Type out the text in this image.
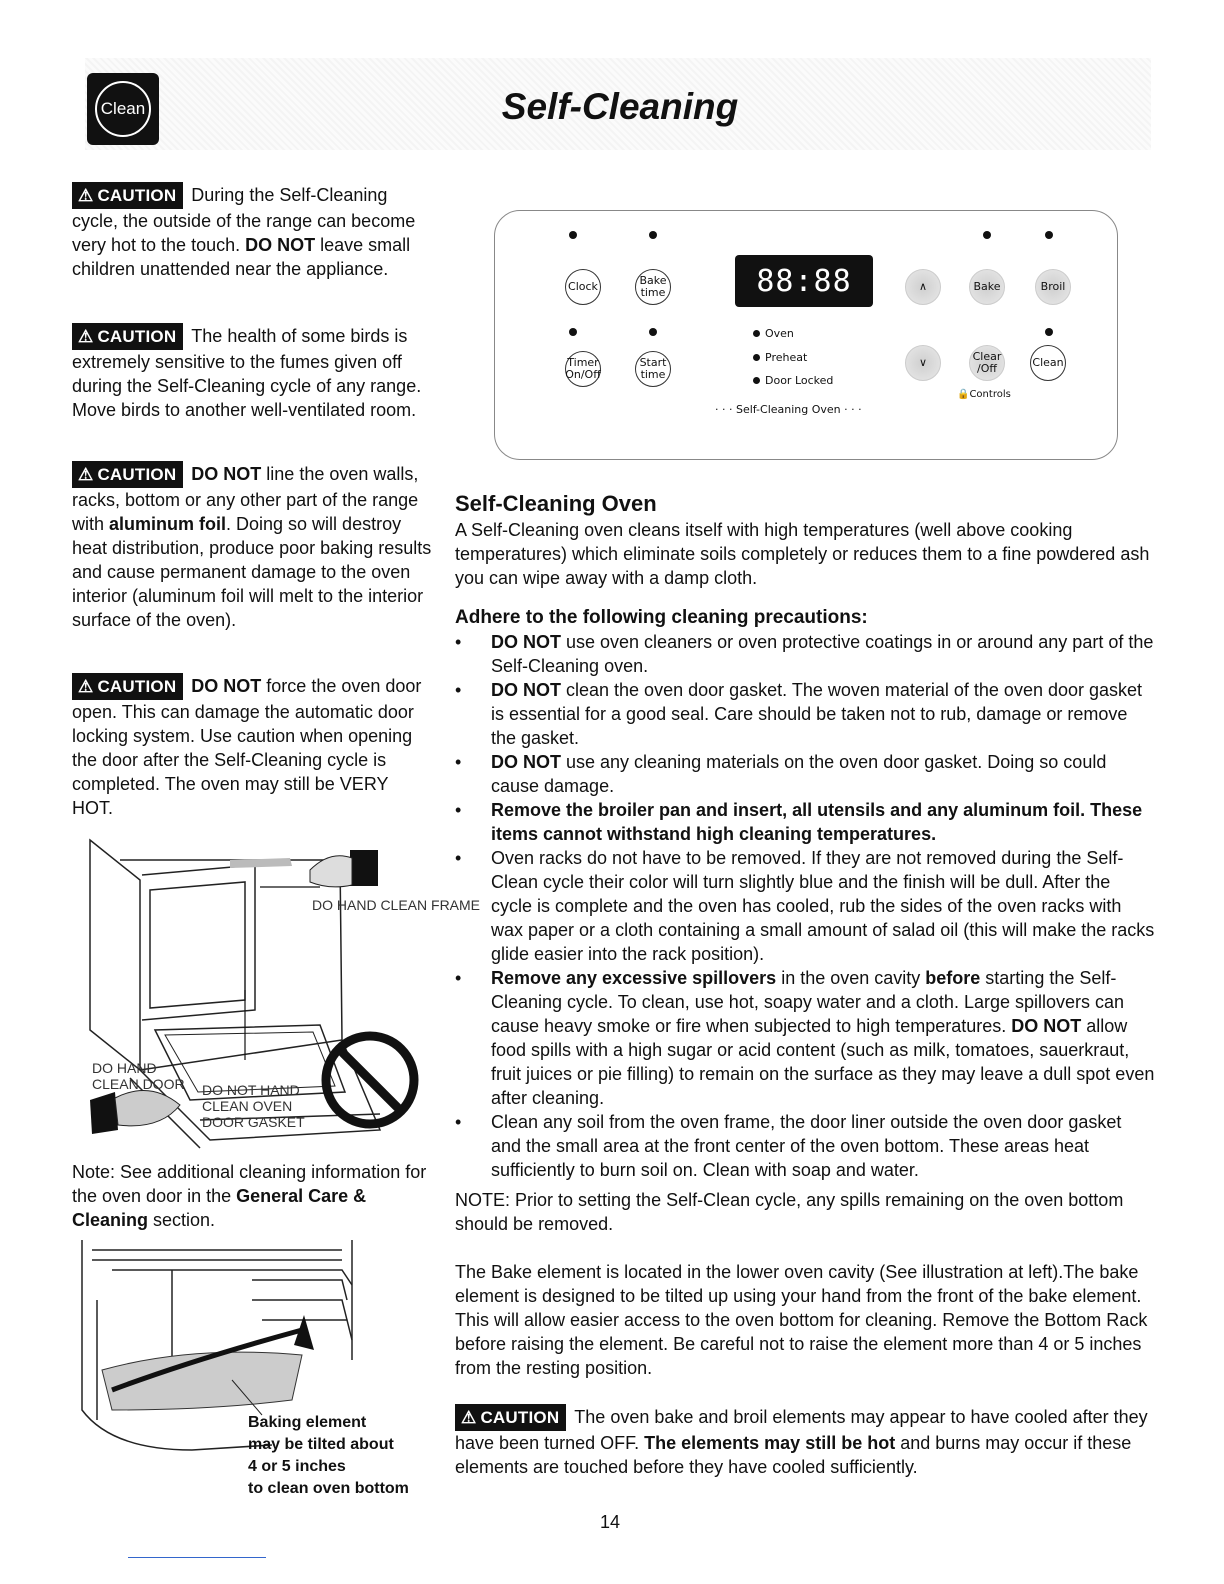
Clean	Self-Cleaning
⚠ CAUTION During the Self-Cleaning cycle, the outside of the range can become very hot to the touch. DO NOT leave small children unattended near the appliance.
⚠ CAUTION The health of some birds is extremely sensitive to the fumes given off during the Self-Cleaning cycle of any range. Move birds to another well-ventilated room.
⚠ CAUTION DO NOT line the oven walls, racks, bottom or any other part of the range with aluminum foil. Doing so will destroy heat distribution, produce poor baking results and cause permanent damage to the oven interior (aluminum foil will melt to the interior surface of the oven).
⚠ CAUTION DO NOT force the oven door open. This can damage the automatic door locking system. Use caution when opening the door after the Self-Cleaning cycle is completed. The oven may still be VERY HOT.
DO HAND CLEAN FRAME
DO HAND CLEAN DOOR	DO NOT HAND CLEAN OVEN DOOR GASKET
Note: See additional cleaning information for the oven door in the General Care & Cleaning section.
Baking element
may be tilted about
4 or 5 inches
to clean oven bottom
Clock	Bake time
Timer On/Off
Start time
88:88
Oven
Preheat
Door Locked
· · · Self-Cleaning Oven · · ·
∧	Bake	Broil
∨	Clear /Off	Clean
🔒Controls
Self-Cleaning Oven
A Self-Cleaning oven cleans itself with high temperatures (well above cooking temperatures) which eliminate soils completely or reduces them to a fine powdered ash you can wipe away with a damp cloth.
Adhere to the following cleaning precautions:
• DO NOT use oven cleaners or oven protective coatings in or around any part of the Self-Cleaning oven.
• DO NOT clean the oven door gasket. The woven material of the oven door gasket is essential for a good seal. Care should be taken not to rub, damage or remove the gasket.
• DO NOT use any cleaning materials on the oven door gasket. Doing so could cause damage.
• Remove the broiler pan and insert, all utensils and any aluminum foil. These items cannot withstand high cleaning temperatures.
• Oven racks do not have to be removed. If they are not removed during the Self-Clean cycle their color will turn slightly blue and the finish will be dull. After the cycle is complete and the oven has cooled, rub the sides of the oven racks with wax paper or a cloth containing a small amount of salad oil (this will make the racks glide easier into the rack position).
• Remove any excessive spillovers in the oven cavity before starting the Self-Cleaning cycle. To clean, use hot, soapy water and a cloth. Large spillovers can cause heavy smoke or fire when subjected to high temperatures. DO NOT allow food spills with a high sugar or acid content (such as milk, tomatoes, sauerkraut, fruit juices or pie filling) to remain on the surface as they may leave a dull spot even after cleaning.
• Clean any soil from the oven frame, the door liner outside the oven door gasket and the small area at the front center of the oven bottom. These areas heat sufficiently to burn soil on. Clean with soap and water.
NOTE: Prior to setting the Self-Clean cycle, any spills remaining on the oven bottom should be removed.
The Bake element is located in the lower oven cavity (See illustration at left).The bake element is designed to be tilted up using your hand from the front of the bake element. This will allow easier access to the oven bottom for cleaning. Remove the Bottom Rack before raising the element. Be careful not to raise the element more than 4 or 5 inches from the resting position.
⚠ CAUTION The oven bake and broil elements may appear to have cooled after they have been turned OFF. The elements may still be hot and burns may occur if these elements are touched before they have cooled sufficiently.
14
